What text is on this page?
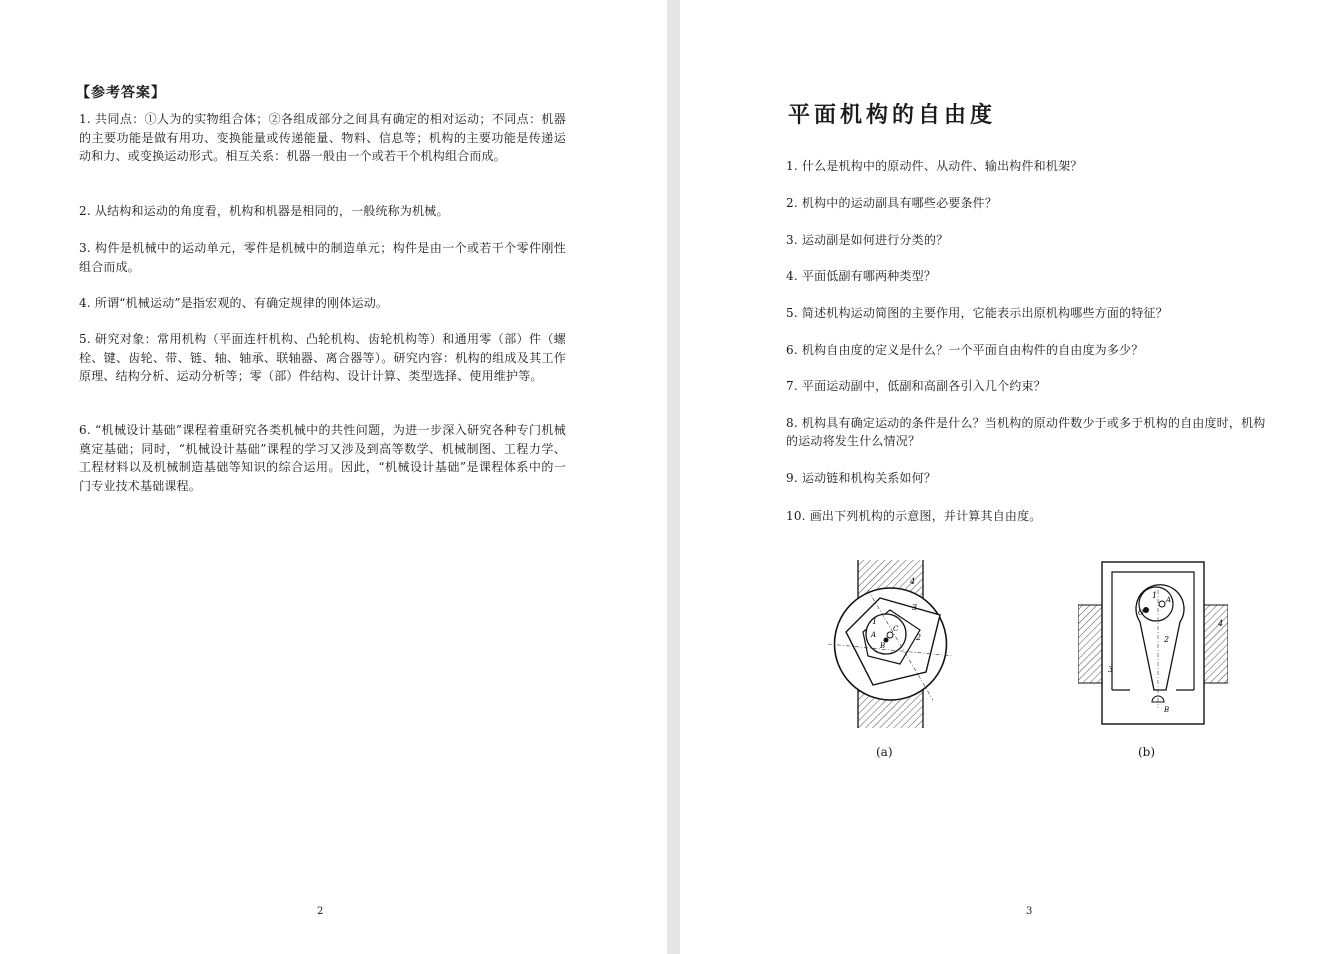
【参考答案】
1. 共同点：①人为的实物组合体；②各组成部分之间具有确定的相对运动；不同点：机器的主要功能是做有用功、变换能量或传递能量、物料、信息等；机构的主要功能是传递运动和力、或变换运动形式。相互关系：机器一般由一个或若干个机构组合而成。
2. 从结构和运动的角度看，机构和机器是相同的，一般统称为机械。
3. 构件是机械中的运动单元，零件是机械中的制造单元；构件是由一个或若干个零件刚性组合而成。
4. 所谓“机械运动”是指宏观的、有确定规律的刚体运动。
5. 研究对象：常用机构（平面连杆机构、凸轮机构、齿轮机构等）和通用零（部）件（螺栓、键、齿轮、带、链、轴、轴承、联轴器、离合器等）。研究内容：机构的组成及其工作原理、结构分析、运动分析等；零（部）件结构、设计计算、类型选择、使用维护等。
6. “机械设计基础”课程着重研究各类机械中的共性问题，为进一步深入研究各种专门机械奠定基础；同时，“机械设计基础”课程的学习又涉及到高等数学、机械制图、工程力学、工程材料以及机械制造基础等知识的综合运用。因此，“机械设计基础”是课程体系中的一门专业技术基础课程。
2
平面机构的自由度
1. 什么是机构中的原动件、从动件、输出构件和机架？
2. 机构中的运动副具有哪些必要条件？
3. 运动副是如何进行分类的？
4. 平面低副有哪两种类型？
5. 简述机构运动简图的主要作用，它能表示出原机构哪些方面的特征？
6. 机构自由度的定义是什么？一个平面自由构件的自由度为多少？
7. 平面运动副中，低副和高副各引入几个约束？
8. 机构具有确定运动的条件是什么？当机构的原动件数少于或多于机构的自由度时，机构的运动将发生什么情况？
9. 运动链和机构关系如何？
10. 画出下列机构的示意图，并计算其自由度。
1
2
3
4
A
B
C
1
2
3
4
A
B
O
(a)	(b)
3
